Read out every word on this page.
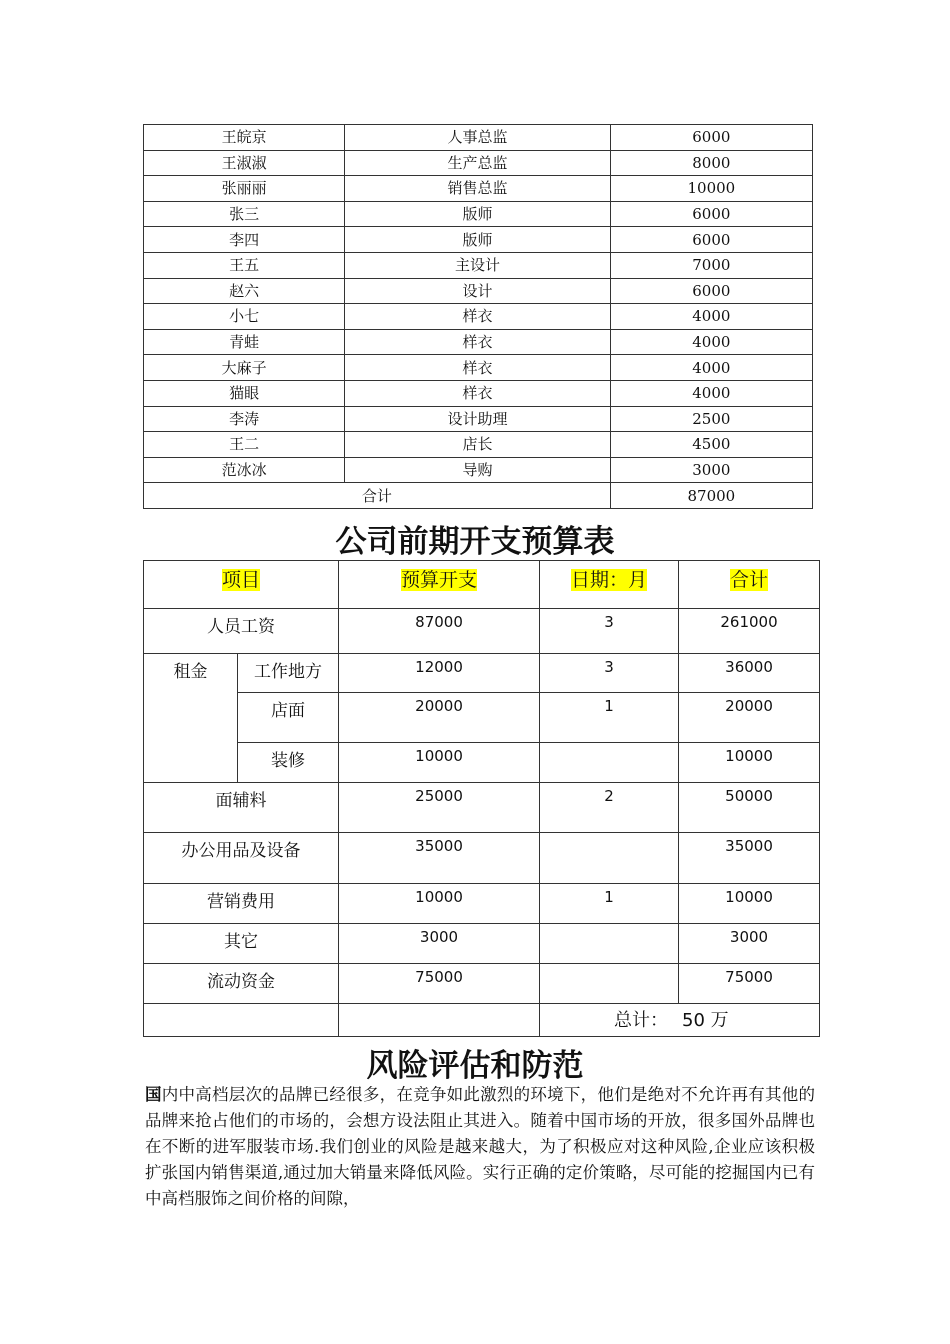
王皖京	人事总监	6000
王淑淑	生产总监	8000
张丽丽	销售总监	10000
张三	版师	6000
李四	版师	6000
王五	主设计	7000
赵六	设计	6000
小七	样衣	4000
青蛙	样衣	4000
大麻子	样衣	4000
猫眼	样衣	4000
李涛	设计助理	2500
王二	店长	4500
范冰冰	导购	3000
合计		87000
公司前期开支预算表
项目		预算开支	日期：月	合计
人员工资		87000	3	261000
租金	工作地方	12000	3	36000
	店面	20000	1	20000
	装修	10000		10000
面辅料		25000	2	50000
办公用品及设备		35000		35000
营销费用		10000	1	10000
其它		3000		3000
流动资金		75000		75000
			总计： 50 万	
风险评估和防范

国内中高档层次的品牌已经很多，在竞争如此激烈的环境下，他们是绝对不允许再有其他的品牌来抢占他们的市场的，会想方设法阻止其进入。随着中国市场的开放，很多国外品牌也在不断的进军服装市场.我们创业的风险是越来越大，为了积极应对这种风险,企业应该积极扩张国内销售渠道,通过加大销量来降低风险。实行正确的定价策略，尽可能的挖掘国内已有中高档服饰之间价格的间隙，
